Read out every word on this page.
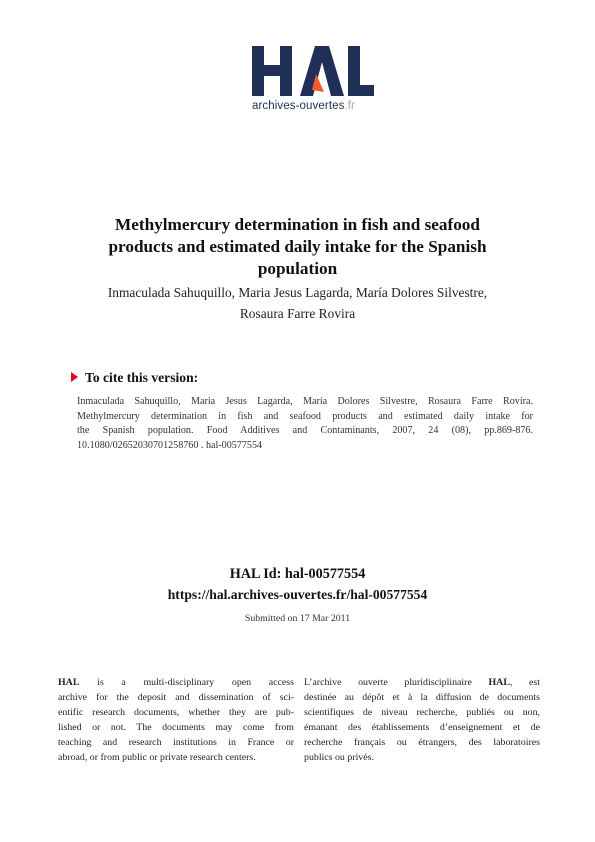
archives-ouvertes.fr
Methylmercury determination in fish and seafood
products and estimated daily intake for the Spanish
population
Inmaculada Sahuquillo, Maria Jesus Lagarda, María Dolores Silvestre,
Rosaura Farre Rovira
To cite this version:
Inmaculada Sahuquillo, Maria Jesus Lagarda, María Dolores Silvestre, Rosaura Farre Rovira.
Methylmercury determination in fish and seafood products and estimated daily intake for
the Spanish population. Food Additives and Contaminants, 2007, 24 (08), pp.869-876.
10.1080/02652030701258760 . hal-00577554
HAL Id: hal-00577554
https://hal.archives-ouvertes.fr/hal-00577554
Submitted on 17 Mar 2011
HAL is a multi-disciplinary open access
archive for the deposit and dissemination of sci-
entific research documents, whether they are pub-
lished or not. The documents may come from
teaching and research institutions in France or
abroad, or from public or private research centers.
L’archive ouverte pluridisciplinaire HAL, est
destinée au dépôt et à la diffusion de documents
scientifiques de niveau recherche, publiés ou non,
émanant des établissements d’enseignement et de
recherche français ou étrangers, des laboratoires
publics ou privés.
